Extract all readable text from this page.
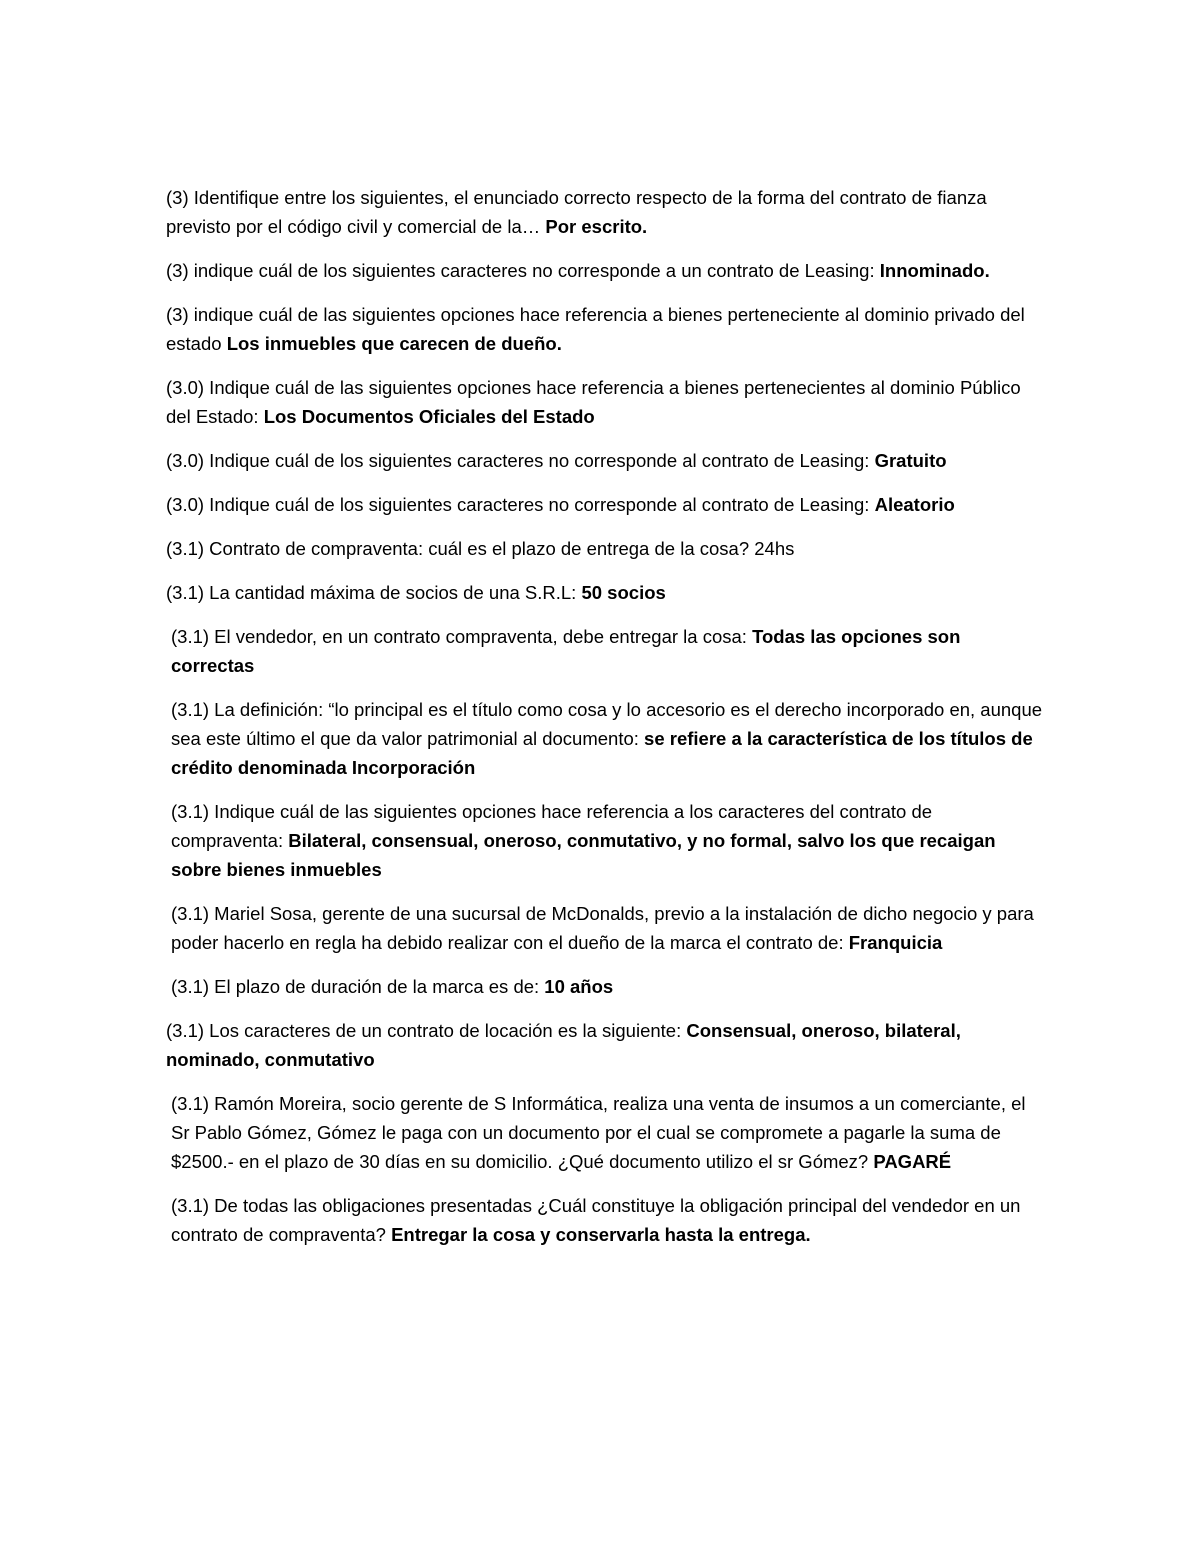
(3) Identifique entre los siguientes, el enunciado correcto respecto de la forma del contrato de fianza previsto por el código civil y comercial de la… Por escrito.

(3) indique cuál de los siguientes caracteres no corresponde a un contrato de Leasing: Innominado.

(3) indique cuál de las siguientes opciones hace referencia a bienes perteneciente al dominio privado del estado Los inmuebles que carecen de dueño.

(3.0) Indique cuál de las siguientes opciones hace referencia a bienes pertenecientes al dominio Público del Estado: Los Documentos Oficiales del Estado

(3.0) Indique cuál de los siguientes caracteres no corresponde al contrato de Leasing: Gratuito

(3.0) Indique cuál de los siguientes caracteres no corresponde al contrato de Leasing: Aleatorio

(3.1) Contrato de compraventa: cuál es el plazo de entrega de la cosa? 24hs

(3.1) La cantidad máxima de socios de una S.R.L: 50 socios

(3.1) El vendedor, en un contrato compraventa, debe entregar la cosa: Todas las opciones son correctas

(3.1) La definición: “lo principal es el título como cosa y lo accesorio es el derecho incorporado en, aunque sea este último el que da valor patrimonial al documento: se refiere a la característica de los títulos de crédito denominada Incorporación

(3.1) Indique cuál de las siguientes opciones hace referencia a los caracteres del contrato de compraventa: Bilateral, consensual, oneroso, conmutativo, y no formal, salvo los que recaigan sobre bienes inmuebles

(3.1) Mariel Sosa, gerente de una sucursal de McDonalds, previo a la instalación de dicho negocio y para poder hacerlo en regla ha debido realizar con el dueño de la marca el contrato de: Franquicia

(3.1) El plazo de duración de la marca es de: 10 años

(3.1) Los caracteres de un contrato de locación es la siguiente: Consensual, oneroso, bilateral, nominado, conmutativo

(3.1) Ramón Moreira, socio gerente de S Informática, realiza una venta de insumos a un comerciante, el Sr Pablo Gómez, Gómez le paga con un documento por el cual se compromete a pagarle la suma de $2500.- en el plazo de 30 días en su domicilio. ¿Qué documento utilizo el sr Gómez? PAGARÉ

(3.1) De todas las obligaciones presentadas ¿Cuál constituye la obligación principal del vendedor en un contrato de compraventa? Entregar la cosa y conservarla hasta la entrega.
